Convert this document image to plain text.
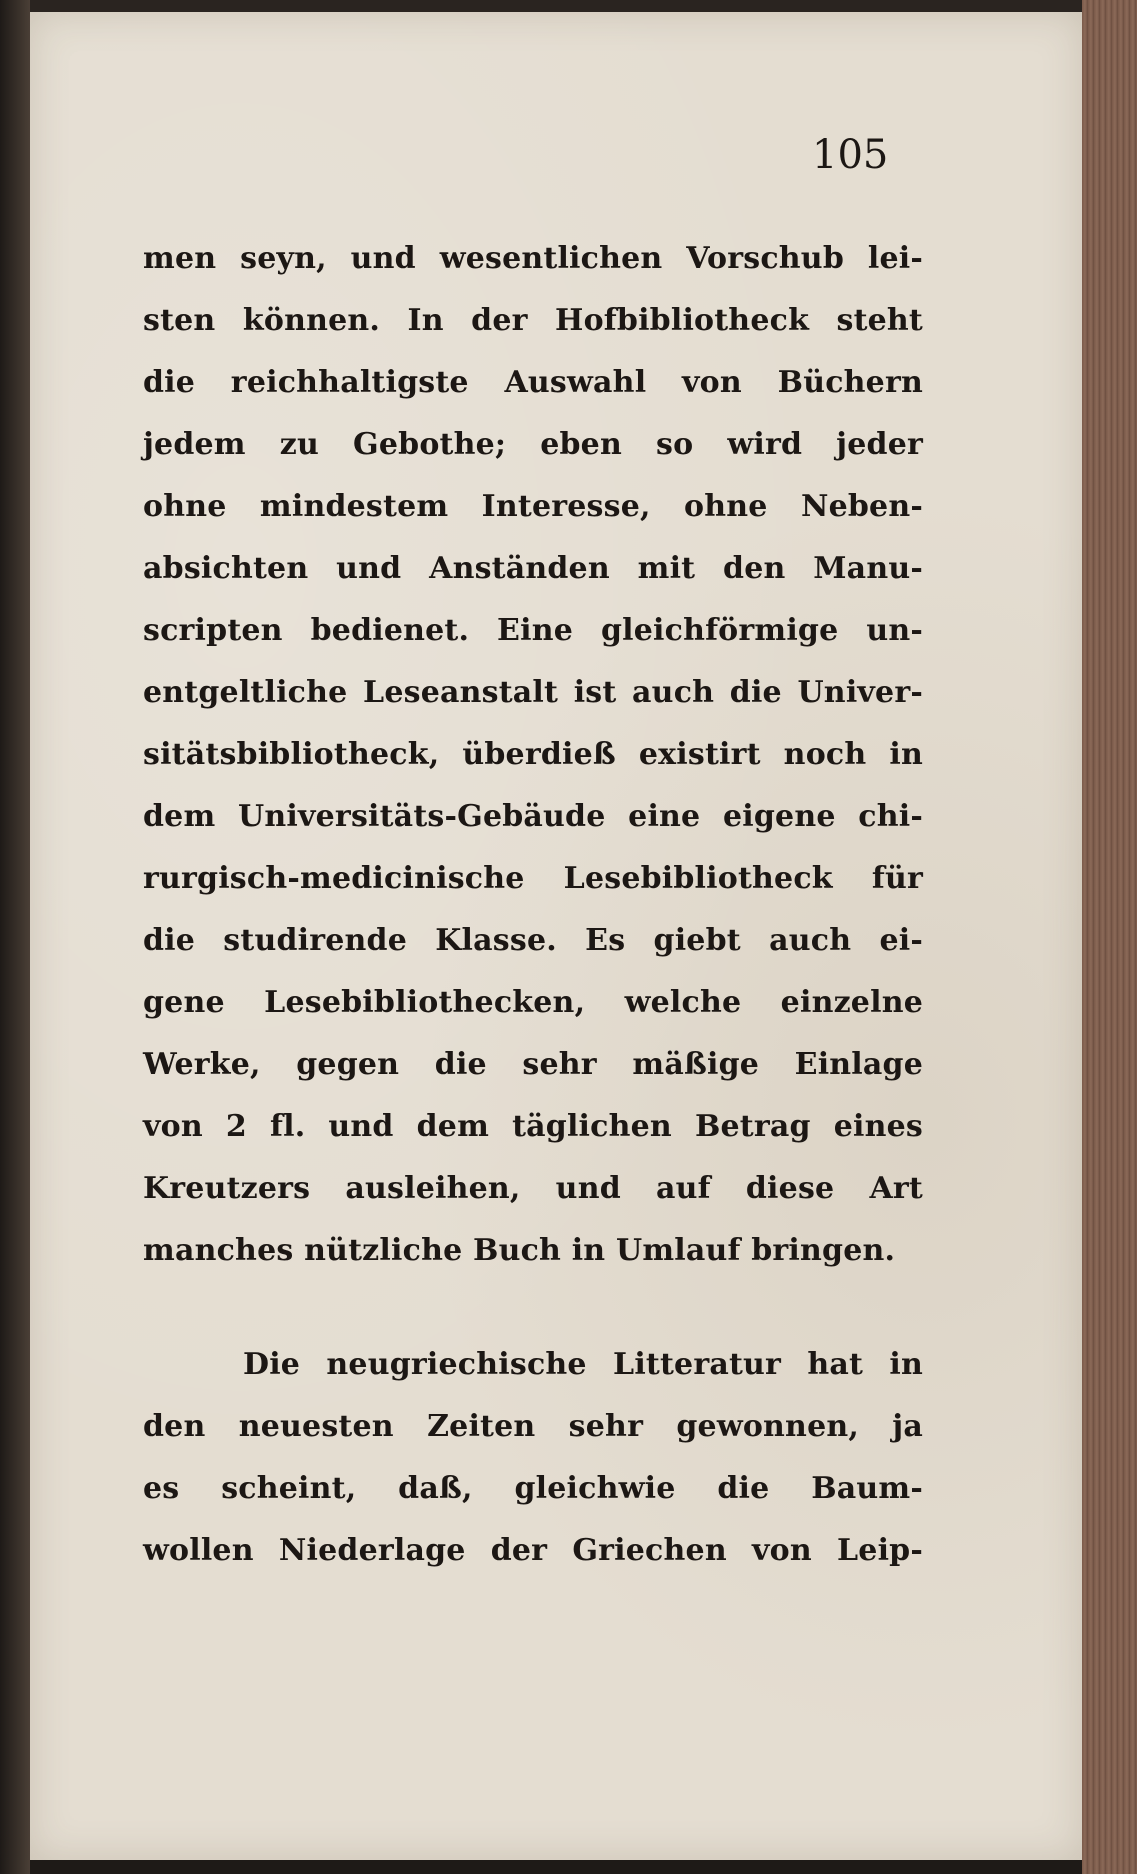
105
men seyn, und wesentlichen Vorschub lei-
sten können. In der Hofbibliotheck steht
die reichhaltigste Auswahl von Büchern
jedem zu Gebothe; eben so wird jeder
ohne mindestem Interesse, ohne Neben-
absichten und Anständen mit den Manu-
scripten bedienet. Eine gleichförmige un-
entgeltliche Leseanstalt ist auch die Univer-
sitätsbibliotheck, überdieß existirt noch in
dem Universitäts-Gebäude eine eigene chi-
rurgisch-medicinische Lesebibliotheck für
die studirende Klasse. Es giebt auch ei-
gene Lesebibliothecken, welche einzelne
Werke, gegen die sehr mäßige Einlage
von 2 fl. und dem täglichen Betrag eines
Kreutzers ausleihen, und auf diese Art
manches nützliche Buch in Umlauf bringen.
Die neugriechische Litteratur hat in
den neuesten Zeiten sehr gewonnen, ja
es scheint, daß, gleichwie die Baum-
wollen Niederlage der Griechen von Leip-
